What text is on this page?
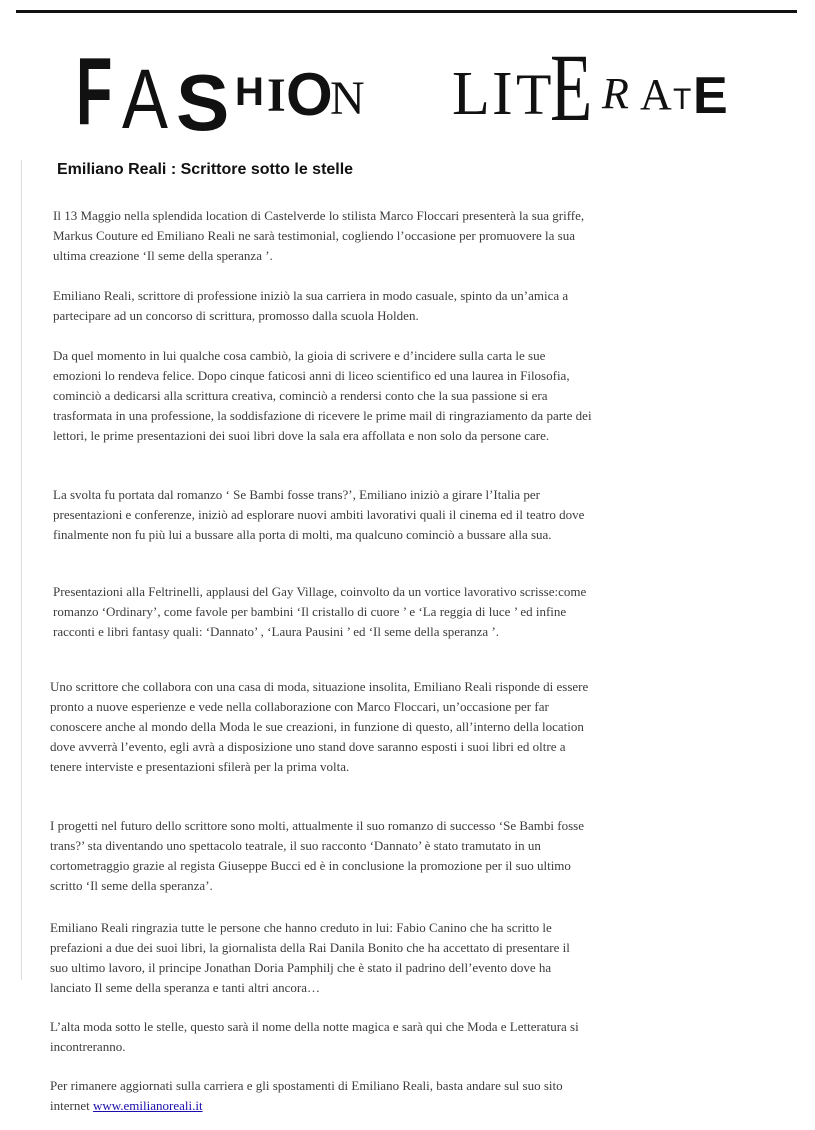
F A S H I O
N L I T
E R A T E
Emiliano Reali : Scrittore sotto le stelle

Il 13 Maggio nella splendida location di Castelverde lo stilista Marco Floccari presenterà la sua griffe, Markus Couture ed Emiliano Reali ne sarà testimonial, cogliendo l’occasione per promuovere la sua ultima creazione ‘Il seme della speranza ’.

Emiliano Reali, scrittore di professione iniziò la sua carriera in modo casuale, spinto da un’amica a partecipare ad un concorso di scrittura, promosso dalla scuola Holden.

Da quel momento in lui qualche cosa cambiò, la gioia di scrivere e d’incidere sulla carta le sue emozioni lo rendeva felice. Dopo cinque faticosi anni di liceo scientifico ed una laurea in Filosofia, cominciò a dedicarsi alla scrittura creativa, cominciò a rendersi conto che la sua passione si era trasformata in una professione, la soddisfazione di ricevere le prime mail di ringraziamento da parte dei lettori, le prime presentazioni dei suoi libri dove la sala era affollata e non solo da persone care.

La svolta fu portata dal romanzo ‘ Se Bambi fosse trans?’, Emiliano iniziò a girare l’Italia per presentazioni e conferenze, iniziò ad esplorare nuovi ambiti lavorativi quali il cinema ed il teatro dove finalmente non fu più lui a bussare alla porta di molti, ma qualcuno cominciò a bussare alla sua.

Presentazioni alla Feltrinelli, applausi del Gay Village, coinvolto da un vortice lavorativo scrisse:come romanzo ‘Ordinary’, come favole per bambini ‘Il cristallo di cuore ’ e ‘La reggia di luce ’ ed infine racconti e libri fantasy quali: ‘Dannato’ , ‘Laura Pausini ’ ed ‘Il seme della speranza ’.

Uno scrittore che collabora con una casa di moda, situazione insolita, Emiliano Reali risponde di essere pronto a nuove esperienze e vede nella collaborazione con Marco Floccari, un’occasione per far conoscere anche al mondo della Moda le sue creazioni, in funzione di questo, all’interno della location dove avverrà l’evento, egli avrà a disposizione uno stand dove saranno esposti i suoi libri ed oltre a tenere interviste e presentazioni sfilerà per la prima volta.

I progetti nel futuro dello scrittore sono molti, attualmente il suo romanzo di successo ‘Se Bambi fosse trans?’ sta diventando uno spettacolo teatrale, il suo racconto ‘Dannato’ è stato tramutato in un cortometraggio grazie al regista Giuseppe Bucci ed è in conclusione la promozione per il suo ultimo scritto ‘Il seme della speranza’.

Emiliano Reali ringrazia tutte le persone che hanno creduto in lui: Fabio Canino che ha scritto le prefazioni a due dei suoi libri, la giornalista della Rai Danila Bonito che ha accettato di presentare il suo ultimo lavoro, il principe Jonathan Doria Pamphilj che è stato il padrino dell’evento dove ha lanciato Il seme della speranza e tanti altri ancora…

L’alta moda sotto le stelle, questo sarà il nome della notte magica e sarà qui che Moda e Letteratura si incontreranno.

Per rimanere aggiornati sulla carriera e gli spostamenti di Emiliano Reali, basta andare sul suo sito internet www.emilianoreali.it
